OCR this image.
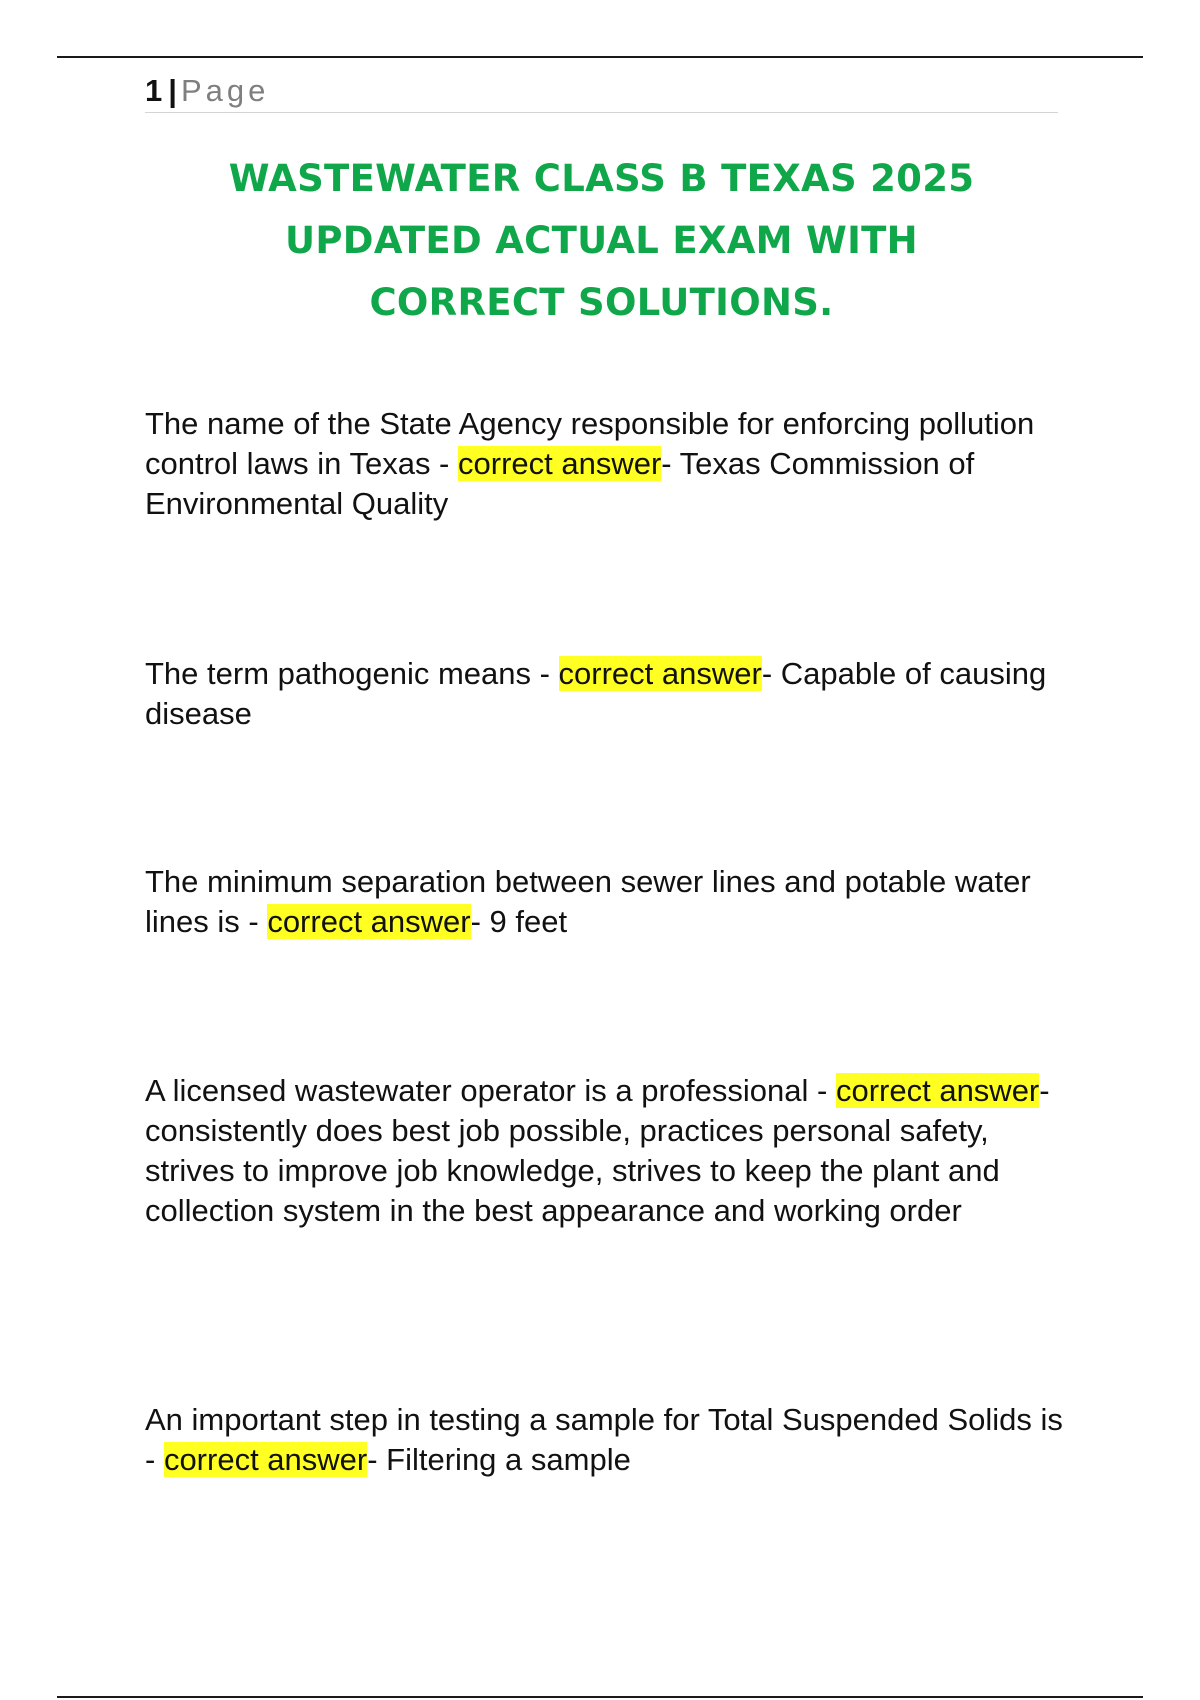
1 | Page
WASTEWATER CLASS B TEXAS 2025
UPDATED ACTUAL EXAM WITH
CORRECT SOLUTIONS.

The name of the State Agency responsible for enforcing pollution control laws in Texas - correct answer- Texas Commission of Environmental Quality

The term pathogenic means - correct answer- Capable of causing disease

The minimum separation between sewer lines and potable water lines is - correct answer- 9 feet

A licensed wastewater operator is a professional - correct answer- consistently does best job possible, practices personal safety, strives to improve job knowledge, strives to keep the plant and collection system in the best appearance and working order

An important step in testing a sample for Total Suspended Solids is - correct answer- Filtering a sample
